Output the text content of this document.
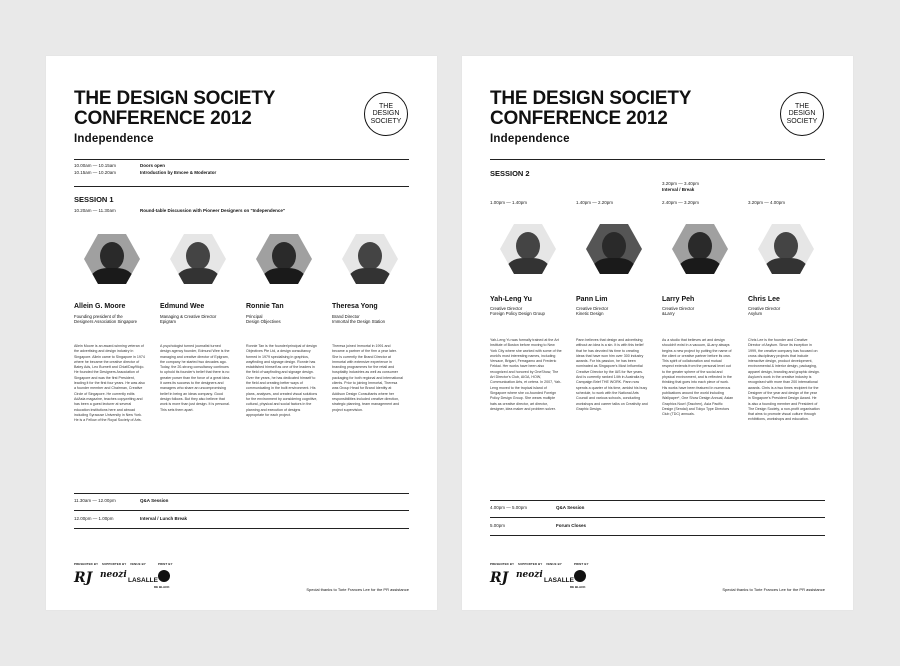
THE DESIGN SOCIETY
CONFERENCE 2012
Independence
THE
DESIGN
SOCIETY
10.00am — 10.15am	Doors open
10.15am — 10.20am	Introduction by Emcee & Moderator
SESSION 1
10.20am — 11.30am	Round-table Discussion with Pioneer Designers on "Independence"
Allein G. Moore
Founding president of the
Designers Association Singapore
Edmund Wee
Managing & Creative Director
Epigram
Ronnie Tan
Principal
Design Objectives
Theresa Yong
Brand Director
Immortal the Design Station
Allein Moore is an award-winning veteran of the advertising and design industry in Singapore. Allein came to Singapore in 1974 where he became the creative director of Batey Ads, Leo Burnett and Chiat/Day/Mojo. He founded the Designers Association of Singapore and was the first President, leading it for the first four years. He was also a founder member and Chairman, Creative Circle of Singapore. He currently edits AdAsia magazine, teaches copywriting and has been a guest lecturer at several education institutions here and abroad including Syracuse University in New York. He is a Fellow of the Royal Society of Arts.
A psychologist turned journalist turned design agency founder, Edmund Wee is the managing and creative director of Epigram, the company he started two decades ago. Today, the 20-strong consultancy continues to uphold its founder's belief that there is no greater power than the force of a great idea. It owes its success to the designers and managers who share an uncompromising belief in being an ideas company. Good design follows. But they also believe that work is more than just design. It is personal. This sets them apart.
Ronnie Tan is the founder/principal of design Objectives Pte Ltd, a design consultancy formed in 1979 specialising in graphics, wayfinding and signage design. Ronnie has established himself as one of the leaders in the field of wayfinding and signage design. Over the years, he has dedicated himself to the field and creating better ways of communicating in the built environment. His plans, analyses, and created visual solutions for the environment by considering cognitive, cultural, physical and social factors in the planning and execution of designs appropriate for each project.
Theresa joined Immortal in 1991 and became a partner of the firm a year later. She is currently the Brand Director at Immortal with extensive experience in branding programmes for the retail and hospitality industries as well as consumer packaging for both regional and international clients. Prior to joining Immortal, Theresa was Group Head for Brand Identity at Addison Design Consultants where her responsibilities included creative direction, strategic planning, team management and project supervision.
11.30am — 12.00pm	Q&A Session
12.00pm — 1.00pm	Interval / Lunch Break
PRESENTED BY SUPPORTED BY VENUE BY	PRINT BY
RJ neozi
LASALLE
DE BLACK	Special thanks to Torie Frances Lee for the PR assistance
THE DESIGN SOCIETY
CONFERENCE 2012
Independence
THE
DESIGN
SOCIETY
SESSION 2
3.20pm — 3.40pm
Interval / Break
1.00pm — 1.40pm	1.40pm — 2.20pm	2.40pm — 3.20pm	3.20pm — 4.00pm
Yah-Leng Yu
Creative Director
Foreign Policy Design Group
Pann Lim
Creative Director
Kinetic Design
Larry Peh
Creative Director
&Larry
Chris Lee
Creative Director
Asylum
Yah-Leng Yu was formally trained at the Art Institute of Boston before moving to New York City where she worked with some of the world's most interesting names, including Versace, Brigart, Ferragamo and Frederic Fekkai. Her works have been also recognized and honored by OneShow, The Art Director's Club, AIGA, HOW, Communication Arts, et cetera. In 2007, Yah-Leng moved to the tropical island of Singapore where she co-founded Foreign Policy Design Group. She wears multiple hats as creative director, art director, designer, idea maker and problem solver.
Pann believes that design and advertising without an idea is a sin. It is with this belief that he has devoted his time to creating ideas that have won him over 300 industry awards. For his passion, he has been nominated as Singapore's Most Influential Creative Director by the IAS for five years. And is currently ranked 14th in Australia by Campaign Brief THE WORK. Pann now spends a quarter of his time, amidst his busy schedule, to work with the National Arts Council and various schools, conducting workshops and career talks on Creativity and Graphic Design.
As a studio that believes art and design shouldn't exist in a vacuum, &Larry always begins a new project by putting the name of the client or creative partner before its own. This spirit of collaboration and mutual respect extends from the personal level out to the greater sphere of the social and physical environment, and is reflected in the thinking that goes into each piece of work. His works have been featured in numerous publications around the world including Wallpaper*, One Show Design Annual, Asian Graphics Now! (Taschen), Asia Pacific Design (Sendai) and Tokyo Type Directors Club (TDC) annuals.
Chris Lee is the founder and Creative Director of Asylum. Since its inception in 1999, the creative company has focused on cross disciplinary projects that include interactive design, product development, environmental & interior design, packaging, apparel design, branding and graphic design. Asylum's work in the creative industry is recognised with more than 200 international awards. Chris is a two times recipient for the Designer of the year and design of the year in Singapore's President Design Award. He is also a founding member and President of The Design Society, a non-profit organisation that aims to promote visual culture through exhibitions, workshops and education.
4.00pm — 5.00pm	Q&A Session
5.00pm	Forum Closes
PRESENTED BY SUPPORTED BY VENUE BY	PRINT BY
RJ neozi
LASALLE
DE BLACK	Special thanks to Torie Frances Lee for the PR assistance
